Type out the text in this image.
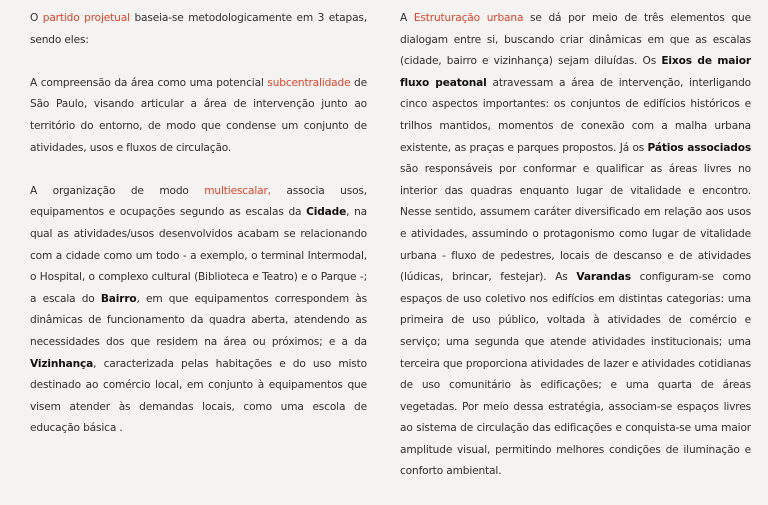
O partido projetual baseia-se metodologicamente em 3 etapas, sendo eles:

A compreensão da área como uma potencial subcentralidade de São Paulo, visando articular a área de intervenção junto ao território do entorno, de modo que condense um conjunto de atividades, usos e fluxos de circulação.

A organização de modo multiescalar, associa usos, equipamentos e ocupações segundo as escalas da Cidade, na qual as atividades/usos desenvolvidos acabam se relacionando com a cidade como um todo - a exemplo, o terminal Intermodal, o Hospital, o complexo cultural (Biblioteca e Teatro) e o Parque -; a escala do Bairro, em que equipamentos correspondem às dinâmicas de funcionamento da quadra aberta, atendendo as necessidades dos que residem na área ou próximos; e a da Vizinhança, caracterizada pelas habitações e do uso misto destinado ao comércio local, em conjunto à equipamentos que visem atender às demandas locais, como uma escola de educação básica .

A Estruturação urbana se dá por meio de três elementos que dialogam entre si, buscando criar dinâmicas em que as escalas (cidade, bairro e vizinhança) sejam diluídas. Os Eixos de maior fluxo peatonal atravessam a área de intervenção, interligando cinco aspectos importantes: os conjuntos de edifícios históricos e trilhos mantidos, momentos de conexão com a malha urbana existente, as praças e parques propostos. Já os Pátios associados são responsáveis por conformar e qualificar as áreas livres no interior das quadras enquanto lugar de vitalidade e encontro. Nesse sentido, assumem caráter diversificado em relação aos usos e atividades, assumindo o protagonismo como lugar de vitalidade urbana - fluxo de pedestres, locais de descanso e de atividades (lúdicas, brincar, festejar). As Varandas configuram-se como espaços de uso coletivo nos edifícios em distintas categorias: uma primeira de uso público, voltada à atividades de comércio e serviço; uma segunda que atende atividades institucionais; uma terceira que proporciona atividades de lazer e atividades cotidianas de uso comunitário às edificações; e uma quarta de áreas vegetadas. Por meio dessa estratégia, associam-se espaços livres ao sistema de circulação das edificações e conquista-se uma maior amplitude visual, permitindo melhores condições de iluminação e conforto ambiental.
